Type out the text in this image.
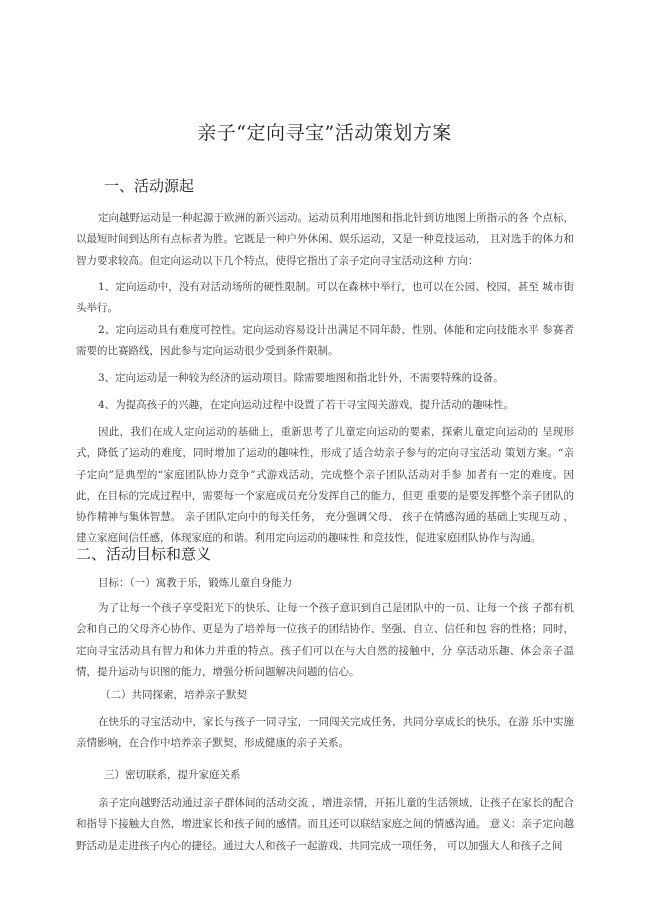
亲子“定向寻宝”活动策划方案
一、活动源起
定向越野运动是一种起源于欧洲的新兴运动。运动员利用地图和指北针到访地图上所指示的各 个点标，以最短时间到达所有点标者为胜。它既是一种户外休闲、娱乐运动，又是一种竞技运动， 且对选手的体力和智力要求较高。但定向运动以下几个特点，使得它指出了亲子定向寻宝活动这种 方向：
1、定向运动中，没有对活动场所的硬性限制。可以在森林中举行，也可以在公园、校园，甚至 城市街头举行。
2、定向运动具有难度可控性。定向运动容易设计出满足不同年龄、性别、体能和定向技能水平 参赛者需要的比赛路线，因此参与定向运动很少受到条件限制。
3、定向运动是一种较为经济的运动项目。除需要地图和指北针外，不需要特殊的设备。
4、为提高孩子的兴趣，在定向运动过程中设置了若干寻宝闯关游戏，提升活动的趣味性。
因此，我们在成人定向运动的基础上，重新思考了儿童定向运动的要素，探索儿童定向运动的 呈现形式，降低了运动的难度，同时增加了运动的趣味性，形成了适合幼亲子参与的定向寻宝活动 策划方案。“亲子定向”是典型的“家庭团队协力竞争”式游戏活动，完成整个亲子团队活动对手参 加者有一定的难度。因此，在目标的完成过程中，需要每一个家庭成员充分发挥自己的能力，但更 重要的是要发挥整个亲子团队的协作精神与集体智慧。 亲子团队定向中的每关任务， 充分强调父母、 孩子在情感沟通的基础上实现互动 ，建立家庭间信任感，体现家庭的和谐。利用定向运动的趣味性 和竞技性，促进家庭团队协作与沟通。
二、活动目标和意义
目标：（一）寓教于乐，锻炼儿童自身能力
为了让每一个孩子享受阳光下的快乐、让每一个孩子意识到自己是团队中的一员、让每一个孩 子都有机会和自己的父母齐心协作、更是为了培养每一位孩子的团结协作、坚强、自立、信任和包 容的性格；同时，定向寻宝活动具有智力和体力并重的特点。孩子们可以在与大自然的接触中，分 享活动乐趣、体会亲子温情，提升运动与识图的能力，增强分析问题解决问题的信心。
（二）共同探索，培养亲子默契
在快乐的寻宝活动中，家长与孩子一同寻宝，一同闯关完成任务，共同分享成长的快乐，在游 乐中实施亲情影响，在合作中培养亲子默契，形成健康的亲子关系。
三）密切联系，提升家庭关系
亲子定向越野活动通过亲子群体间的活动交流 ，增进亲情，开拓儿童的生活领域，让孩子在家长的配合和指导下接触大自然，增进家长和孩子间的感情。而且还可以联结家庭之间的情感沟通。 意义：亲子定向越野活动是走进孩子内心的捷径。通过大人和孩子一起游戏、共同完成一项任务， 可以加强大人和孩子之间
